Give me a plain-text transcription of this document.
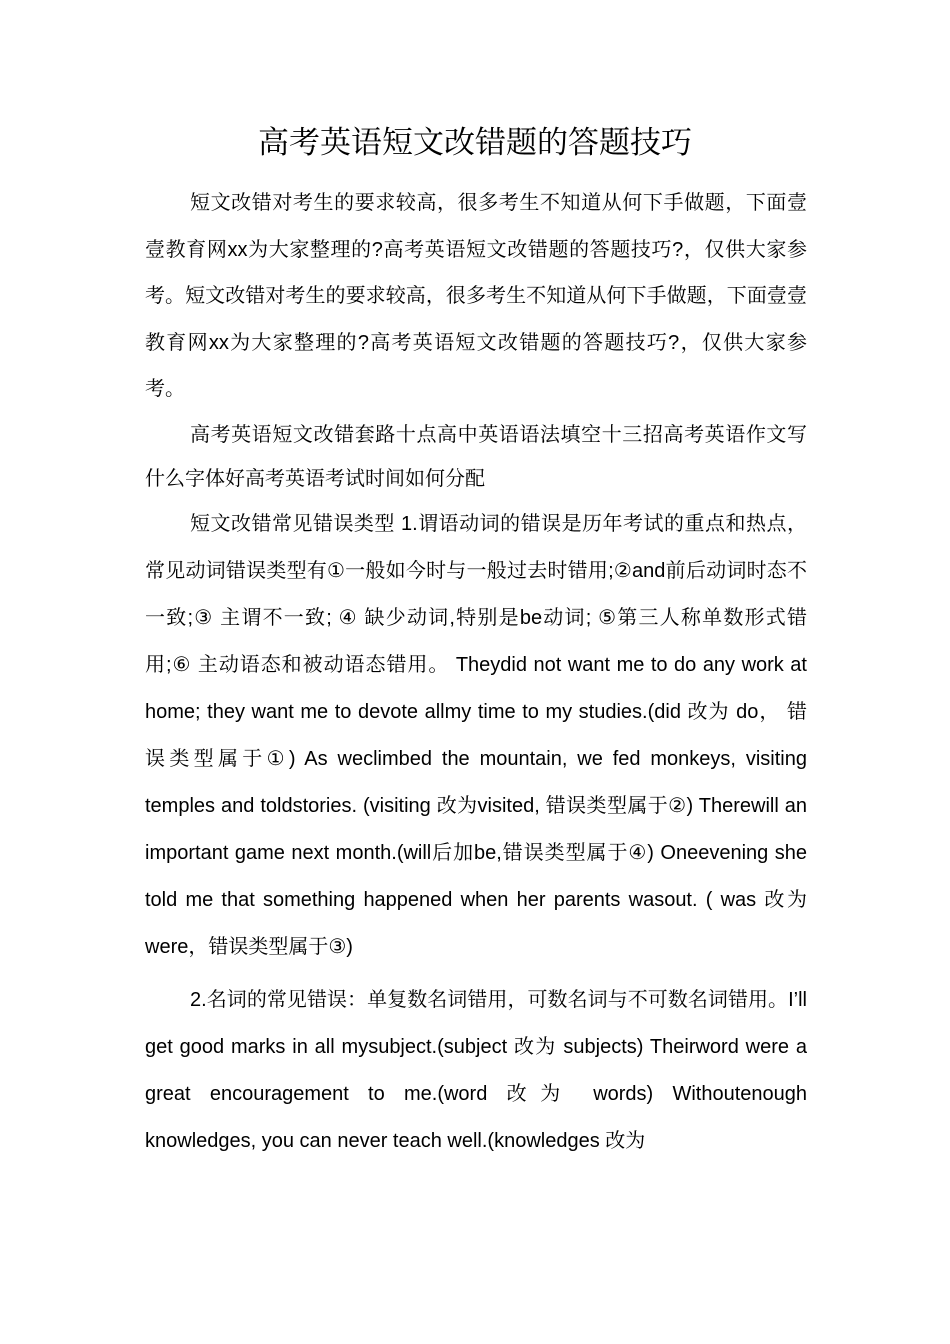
高考英语短文改错题的答题技巧

短文改错对考生的要求较高，很多考生不知道从何下手做题，下面壹壹教育网xx为大家整理的?高考英语短文改错题的答题技巧?，仅供大家参考。短文改错对考生的要求较高，很多考生不知道从何下手做题，下面壹壹教育网xx为大家整理的?高考英语短文改错题的答题技巧?，仅供大家参考。

高考英语短文改错套路十点高中英语语法填空十三招高考英语作文写什么字体好高考英语考试时间如何分配

短文改错常见错误类型 1.谓语动词的错误是历年考试的重点和热点，常见动词错误类型有①一般如今时与一般过去时错用;②and前后动词时态不一致;③ 主谓不一致; ④ 缺少动词,特别是be动词; ⑤第三人称单数形式错用;⑥ 主动语态和被动语态错用。 Theydid not want me to do any work at home; they want me to devote allmy time to my studies.(did 改为 do， 错误类型属于①) As weclimbed the mountain, we fed monkeys, visiting temples and toldstories. (visiting 改为visited, 错误类型属于②) Therewill an important game next month.(will后加be,错误类型属于④) Oneevening she told me that something happened when her parents wasout. ( was 改为were，错误类型属于③)

2.名词的常见错误：单复数名词错用，可数名词与不可数名词错用。I’ll get good marks in all mysubject.(subject 改为 subjects) Theirword were a great encouragement to me.(word 改为 words) Withoutenough knowledges, you can never teach well.(knowledges 改为
